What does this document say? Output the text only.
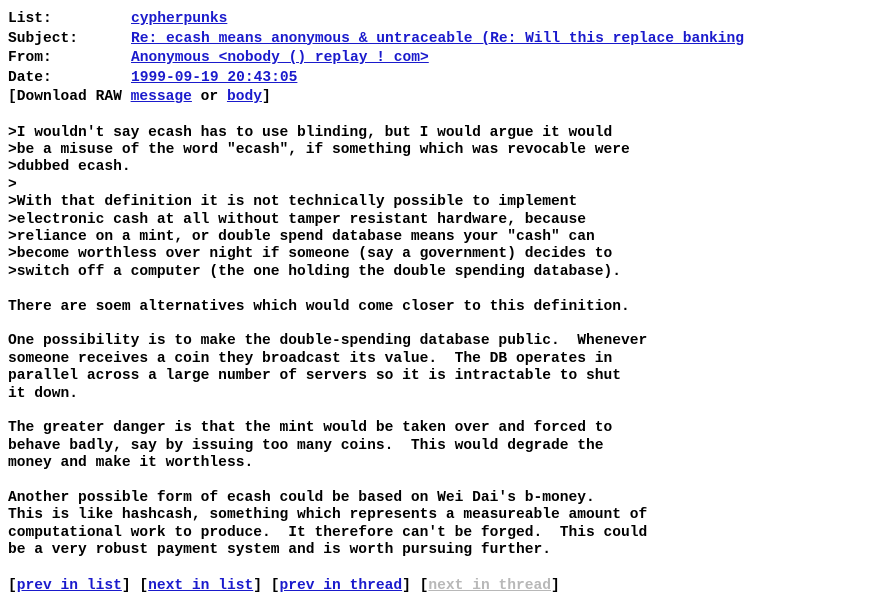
List:	cypherpunks
Subject:	Re: ecash means anonymous & untraceable (Re: Will this replace banking
From:	Anonymous <nobody () replay ! com>
Date:	1999-09-19 20:43:05
[Download RAW message or body]
>I wouldn't say ecash has to use blinding, but I would argue it would
>be a misuse of the word "ecash", if something which was revocable were
>dubbed ecash.
>
>With that definition it is not technically possible to implement
>electronic cash at all without tamper resistant hardware, because
>reliance on a mint, or double spend database means your "cash" can
>become worthless over night if someone (say a government) decides to
>switch off a computer (the one holding the double spending database).

There are soem alternatives which would come closer to this definition.

One possibility is to make the double-spending database public.  Whenever
someone receives a coin they broadcast its value.  The DB operates in
parallel across a large number of servers so it is intractable to shut
it down.

The greater danger is that the mint would be taken over and forced to
behave badly, say by issuing too many coins.  This would degrade the
money and make it worthless.

Another possible form of ecash could be based on Wei Dai's b-money.
This is like hashcash, something which represents a measureable amount of
computational work to produce.  It therefore can't be forged.  This could
be a very robust payment system and is worth pursuing further.
[prev in list] [next in list] [prev in thread] [next in thread]
